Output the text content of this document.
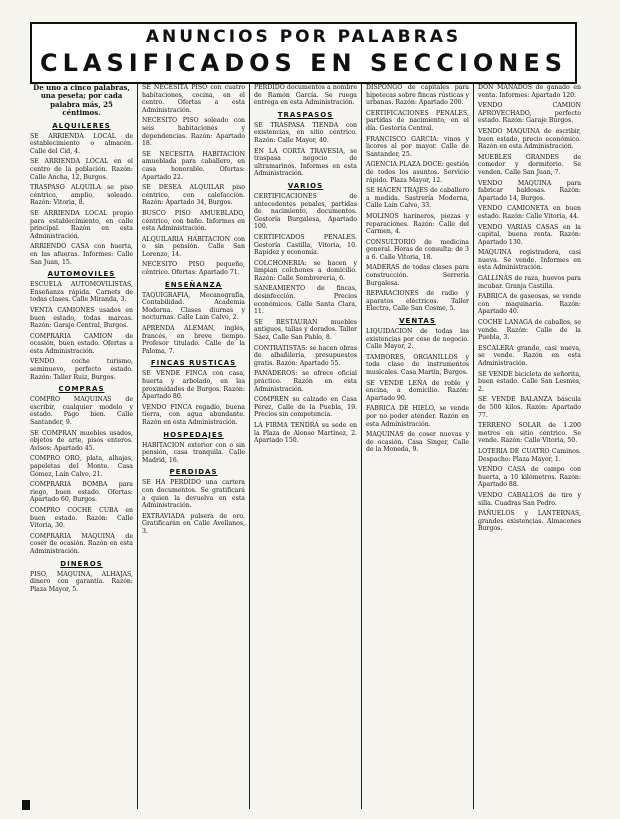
ANUNCIOS POR PALABRAS
CLASIFICADOS EN SECCIONES

De uno a cinco palabras, una peseta; por cada palabra más, 25 céntimos.

ALQUILERES

SE ARRIENDA LOCAL de establecimiento o almacén. Calle del Cid, 4.

SE ARRIENDA LOCAL en el centro de la población. Razón: Calle Ancha, 12, Burgos.

TRASPASO ALQUILA se piso céntrico, amplio, soleado. Razón: Vitoria, 8.

SE ARRIENDA LOCAL propio para establecimiento, en calle principal. Razón en esta Administración.

ARRIENDO CASA con huerta, en las afueras. Informes: Calle San Juan, 15.

AUTOMOVILES

ESCUELA AUTOMOVILISTAS, Enseñanza rápida. Carnets de todas clases. Calle Miranda, 3.

VENTA CAMIONES usados en buen estado, todas marcas. Razón: Garaje Central, Burgos.

COMPRARIA CAMION de ocasión, buen estado. Ofertas a esta Administración.

VENDO coche turismo, seminuevo, perfecto estado. Razón: Taller Ruiz, Burgos.

COMPRAS

COMPRO MAQUINAS de escribir, cualquier modelo y estado. Pago bien. Calle Santander, 9.

SE COMPRAN muebles usados, objetos de arte, pisos enteros. Avisos: Apartado 45.

COMPRO ORO, plata, alhajas, papeletas del Monte. Casa Gómez, Laín Calvo, 21.

COMPRARIA BOMBA para riego, buen estado. Ofertas: Apartado 60, Burgos.

COMPRO COCHE CUBA en buen estado. Razón: Calle Vitoria, 30.

COMPRARIA MAQUINA de coser de ocasión. Razón en esta Administración.

DINEROS

PISO, MAQUINA, ALHAJAS, dinero con garantía. Razón: Plaza Mayor, 5.

SE NECESITA PISO con cuatro habitaciones, cocina, en el centro. Ofertas a esta Administración.

NECESITO PISO soleado con seis habitaciones y dependencias. Razón: Apartado 18.

SE NECESITA HABITACION amueblada para caballero, en casa honorable. Ofertas: Apartado 22.

SE DESEA ALQUILAR piso céntrico, con calefacción. Razón: Apartado 34, Burgos.

BUSCO PISO AMUEBLADO, céntrico, con baño. Informes en esta Administración.

ALQUILARIA HABITACION con o sin pensión. Calle San Lorenzo, 14.

NECESITO PISO pequeño, céntrico. Ofertas: Apartado 71.

ENSEÑANZA

TAQUIGRAFIA, Mecanografía, Contabilidad. Academia Moderna. Clases diurnas y nocturnas. Calle Lain Calvo, 2.

APRENDA ALEMAN, inglés, francés, en breve tiempo. Profesor titulado. Calle de la Paloma, 7.

FINCAS RUSTICAS

SE VENDE FINCA con casa, huerta y arbolado, en las proximidades de Burgos. Razón: Apartado 80.

VENDO FINCA regadío, buena tierra, con agua abundante. Razón en esta Administración.

HOSPEDAJES

HABITACION exterior con o sin pensión, casa tranquila. Calle Madrid, 16.

PERDIDAS

SE HA PERDIDO una cartera con documentos. Se gratificará a quien la devuelva en esta Administración.

EXTRAVIADA pulsera de oro. Gratificarán en Calle Avellanos, 3.

PERDIDO documentos a nombre de Ramón García. Se ruega entrega en esta Administración.

TRASPASOS

SE TRASPASA TIENDA con existencias, en sitio céntrico. Razón: Calle Mayor, 40.

EN LA CORTA TRAVESIA, se traspasa negocio de ultramarinos. Informes en esta Administración.

VARIOS

CERTIFICACIONES de antecedentes penales, partidas de nacimiento, documentos. Gestoría Burgalesa, Apartado 100.

CERTIFICADOS PENALES. Gestoría Castilla, Vitoria, 10. Rapidez y economía.

COLCHONERIA: se hacen y limpian colchones a domicilio. Razón: Calle Sombrerería, 6.

SANEAMIENTO de fincas, desinfección. Precios económicos. Calle Santa Clara, 11.

SE RESTAURAN muebles antiguos, tallas y dorados. Taller Sáez, Calle San Pablo, 8.

CONTRATISTAS: se hacen obras de albañilería, presupuestos gratis. Razón: Apartado 55.

PANADEROS: se ofrece oficial práctico. Razón en esta Administración.

COMPREN su calzado en Casa Pérez, Calle de la Puebla, 19. Precios sin competencia.

LA FIRMA TENDRA su sede en la Plaza de Alonso Martínez, 2. Apartado 150.

DISPONGO de capitales para hipotecas sobre fincas rústicas y urbanas. Razón: Apartado 200.

CERTIFICACIONES PENALES, partidas de nacimiento, en el día. Gestoría Central.

FRANCISCO GARCIA: vinos y licores al por mayor. Calle de Santander, 25.

AGENCIA PLAZA DOCE: gestión de todos los asuntos. Servicio rápido. Plaza Mayor, 12.

SE HACEN TRAJES de caballero a medida. Sastrería Moderna, Calle Laín Calvo, 33.

MOLINOS harineros, piezas y reparaciones. Razón: Calle del Carmen, 4.

CONSULTORIO de medicina general. Horas de consulta: de 3 a 6. Calle Vitoria, 18.

MADERAS de todas clases para construcción. Serrería Burgalesa.

REPARACIONES de radio y aparatos eléctricos. Taller Electra, Calle San Cosme, 5.

VENTAS

LIQUIDACION de todas las existencias por cese de negocio. Calle Mayor, 2.

TAMBORES, ORGANILLOS y toda clase de instrumentos musicales. Casa Martín, Burgos.

SE VENDE LEÑA de roble y encina, a domicilio. Razón: Apartado 90.

FABRICA DE HIELO, se vende por no poder atender. Razón en esta Administración.

MAQUINAS de coser nuevas y de ocasión. Casa Singer, Calle de la Moneda, 9.

DON MANADOS de ganado en venta. Informes: Apartado 120.

VENDO CAMION APROVECHADO, perfecto estado. Razón: Garaje Burgos.

VENDO MAQUINA de escribir, buen estado, precio económico. Razón en esta Administración.

MUEBLES GRANDES de comedor y dormitorio. Se venden. Calle San Juan, 7.

VENDO MAQUINA para fabricar baldosas. Razón: Apartado 14, Burgos.

VENDO CAMIONETA en buen estado. Razón: Calle Vitoria, 44.

VENDO VARIAS CASAS en la capital, buena renta. Razón: Apartado 130.

MAQUINA registradora, casi nueva. Se vende. Informes en esta Administración.

GALLINAS de raza, huevos para incubar. Granja Castilla.

FABRICA de gaseosas, se vende con maquinaria. Razón: Apartado 40.

COCHE LANAGA de caballos, se vende. Razón: Calle de la Puebla, 3.

ESCALERA grande, casi nueva, se vende. Razón en esta Administración.

SE VENDE bicicleta de señorita, buen estado. Calle San Lesmes, 2.

SE VENDE BALANZA báscula de 500 kilos. Razón: Apartado 77.

TERRENO SOLAR de 1.200 metros en sitio céntrico. Se vende. Razón: Calle Vitoria, 50.

LOTERIA DE CUATRO Caminos. Despacho: Plaza Mayor, 1.

VENDO CASA de campo con huerta, a 10 kilómetros. Razón: Apartado 88.

VENDO CABALLOS de tiro y silla. Cuadras San Pedro.

PAÑUELOS y LANTERNAS, grandes existencias. Almacenes Burgos.
